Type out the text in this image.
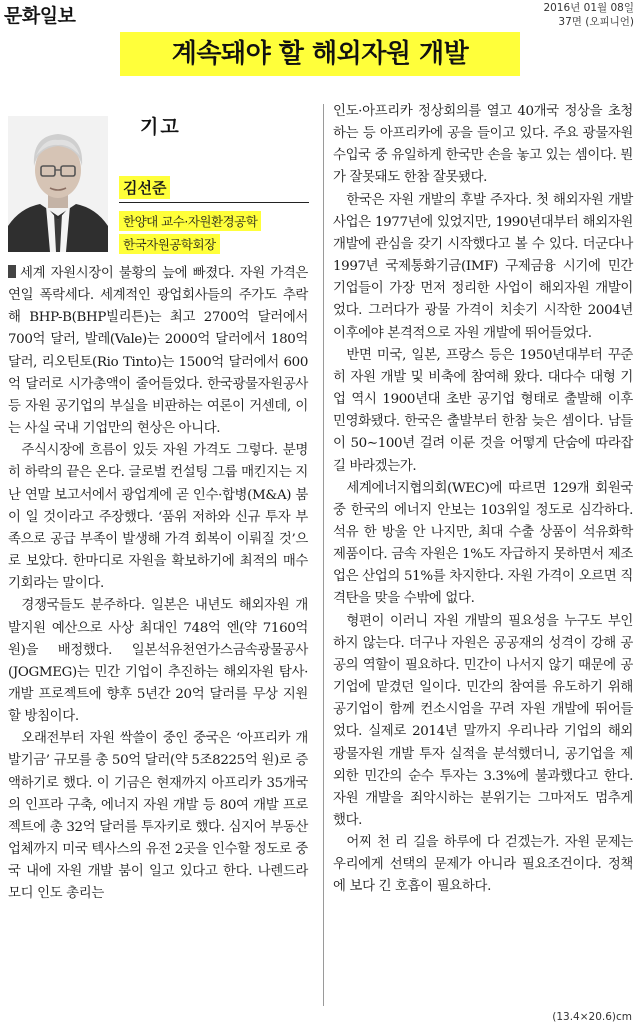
문화일보	2016년 01월 08일
37면 (오피니언)
계속돼야 할 해외자원 개발
기고
김선준
한양대 교수·자원환경공학
한국자원공학회장

세계 자원시장이 불황의 늪에 빠졌다. 자원 가격은 연일 폭락세다. 세계적인 광업회사들의 주가도 추락해 BHP-B(BHP빌리튼)는 최고 2700억 달러에서 700억 달러, 발레(Vale)는 2000억 달러에서 180억 달러, 리오틴토(Rio Tinto)는 1500억 달러에서 600억 달러로 시가총액이 줄어들었다. 한국광물자원공사 등 자원 공기업의 부실을 비판하는 여론이 거센데, 이는 사실 국내 기업만의 현상은 아니다.

주식시장에 흐름이 있듯 자원 가격도 그렇다. 분명히 하락의 끝은 온다. 글로벌 컨설팅 그룹 매킨지는 지난 연말 보고서에서 광업계에 곧 인수·합병(M&A) 붐이 일 것이라고 주장했다. ‘품위 저하와 신규 투자 부족으로 공급 부족이 발생해 가격 회복이 이뤄질 것’으로 보았다. 한마디로 자원을 확보하기에 최적의 매수 기회라는 말이다.

경쟁국들도 분주하다. 일본은 내년도 해외자원 개발지원 예산으로 사상 최대인 748억 엔(약 7160억 원)을 배정했다. 일본석유천연가스금속광물공사(JOGMEG)는 민간 기업이 추진하는 해외자원 탐사·개발 프로젝트에 향후 5년간 20억 달러를 무상 지원할 방침이다.

오래전부터 자원 싹쓸이 중인 중국은 ‘아프리카 개발기금’ 규모를 총 50억 달러(약 5조8225억 원)로 증액하기로 했다. 이 기금은 현재까지 아프리카 35개국의 인프라 구축, 에너지 자원 개발 등 80여 개발 프로젝트에 총 32억 달러를 투자키로 했다. 심지어 부동산 업체까지 미국 텍사스의 유전 2곳을 인수할 정도로 중국 내에 자원 개발 붐이 일고 있다고 한다. 나렌드라 모디 인도 총리는

인도·아프리카 정상회의를 열고 40개국 정상을 초청하는 등 아프리카에 공을 들이고 있다. 주요 광물자원 수입국 중 유일하게 한국만 손을 놓고 있는 셈이다. 뭔가 잘못돼도 한참 잘못됐다.

한국은 자원 개발의 후발 주자다. 첫 해외자원 개발 사업은 1977년에 있었지만, 1990년대부터 해외자원 개발에 관심을 갖기 시작했다고 볼 수 있다. 더군다나 1997년 국제통화기금(IMF) 구제금융 시기에 민간 기업들이 가장 먼저 정리한 사업이 해외자원 개발이었다. 그러다가 광물 가격이 치솟기 시작한 2004년 이후에야 본격적으로 자원 개발에 뛰어들었다.

반면 미국, 일본, 프랑스 등은 1950년대부터 꾸준히 자원 개발 및 비축에 참여해 왔다. 대다수 대형 기업 역시 1900년대 초반 공기업 형태로 출발해 이후 민영화됐다. 한국은 출발부터 한참 늦은 셈이다. 남들이 50∼100년 걸려 이룬 것을 어떻게 단숨에 따라잡길 바라겠는가.

세계에너지협의회(WEC)에 따르면 129개 회원국 중 한국의 에너지 안보는 103위일 정도로 심각하다. 석유 한 방울 안 나지만, 최대 수출 상품이 석유화학 제품이다. 금속 자원은 1%도 자급하지 못하면서 제조업은 산업의 51%를 차지한다. 자원 가격이 오르면 직격탄을 맞을 수밖에 없다.

형편이 이러니 자원 개발의 필요성을 누구도 부인하지 않는다. 더구나 자원은 공공재의 성격이 강해 공공의 역할이 필요하다. 민간이 나서지 않기 때문에 공기업에 맡겼던 일이다. 민간의 참여를 유도하기 위해 공기업이 함께 컨소시엄을 꾸려 자원 개발에 뛰어들었다. 실제로 2014년 말까지 우리나라 기업의 해외 광물자원 개발 투자 실적을 분석했더니, 공기업을 제외한 민간의 순수 투자는 3.3%에 불과했다고 한다. 자원 개발을 죄악시하는 분위기는 그마저도 멈추게 했다.

어찌 천 리 길을 하루에 다 걷겠는가. 자원 문제는 우리에게 선택의 문제가 아니라 필요조건이다. 정책에 보다 긴 호흡이 필요하다.

(13.4×20.6)cm
